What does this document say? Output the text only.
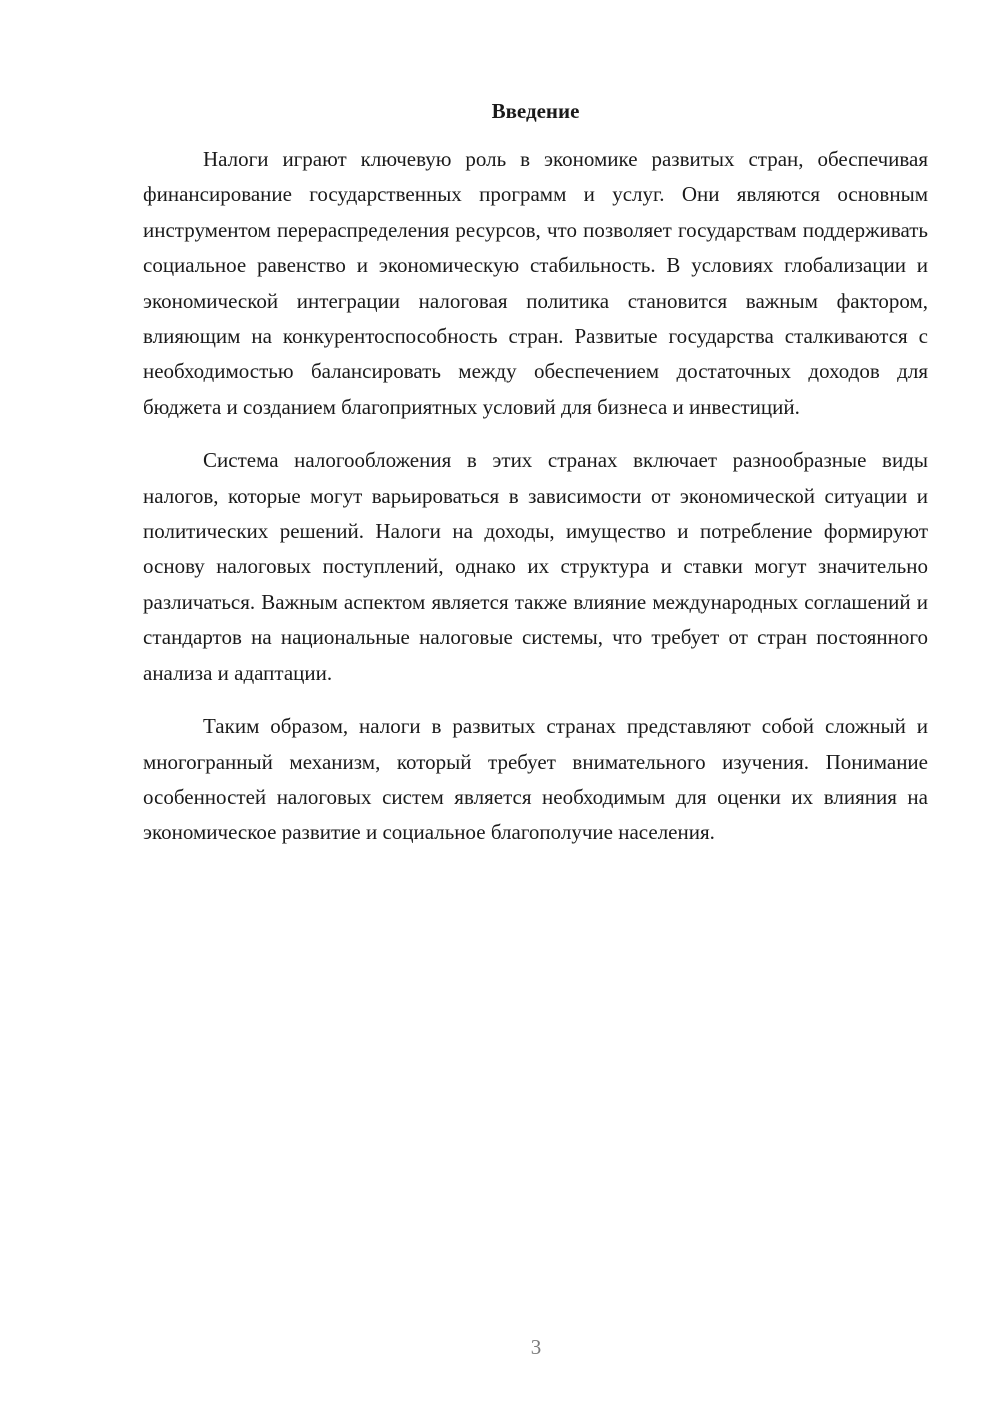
Введение

Налоги играют ключевую роль в экономике развитых стран, обеспечивая финансирование государственных программ и услуг. Они являются основным инструментом перераспределения ресурсов, что позволяет государствам поддерживать социальное равенство и экономическую стабильность. В условиях глобализации и экономической интеграции налоговая политика становится важным фактором, влияющим на конкурентоспособность стран. Развитые государства сталкиваются с необходимостью балансировать между обеспечением достаточных доходов для бюджета и созданием благоприятных условий для бизнеса и инвестиций.

Система налогообложения в этих странах включает разнообразные виды налогов, которые могут варьироваться в зависимости от экономической ситуации и политических решений. Налоги на доходы, имущество и потребление формируют основу налоговых поступлений, однако их структура и ставки могут значительно различаться. Важным аспектом является также влияние международных соглашений и стандартов на национальные налоговые системы, что требует от стран постоянного анализа и адаптации.

Таким образом, налоги в развитых странах представляют собой сложный и многогранный механизм, который требует внимательного изучения. Понимание особенностей налоговых систем является необходимым для оценки их влияния на экономическое развитие и социальное благополучие населения.

3
